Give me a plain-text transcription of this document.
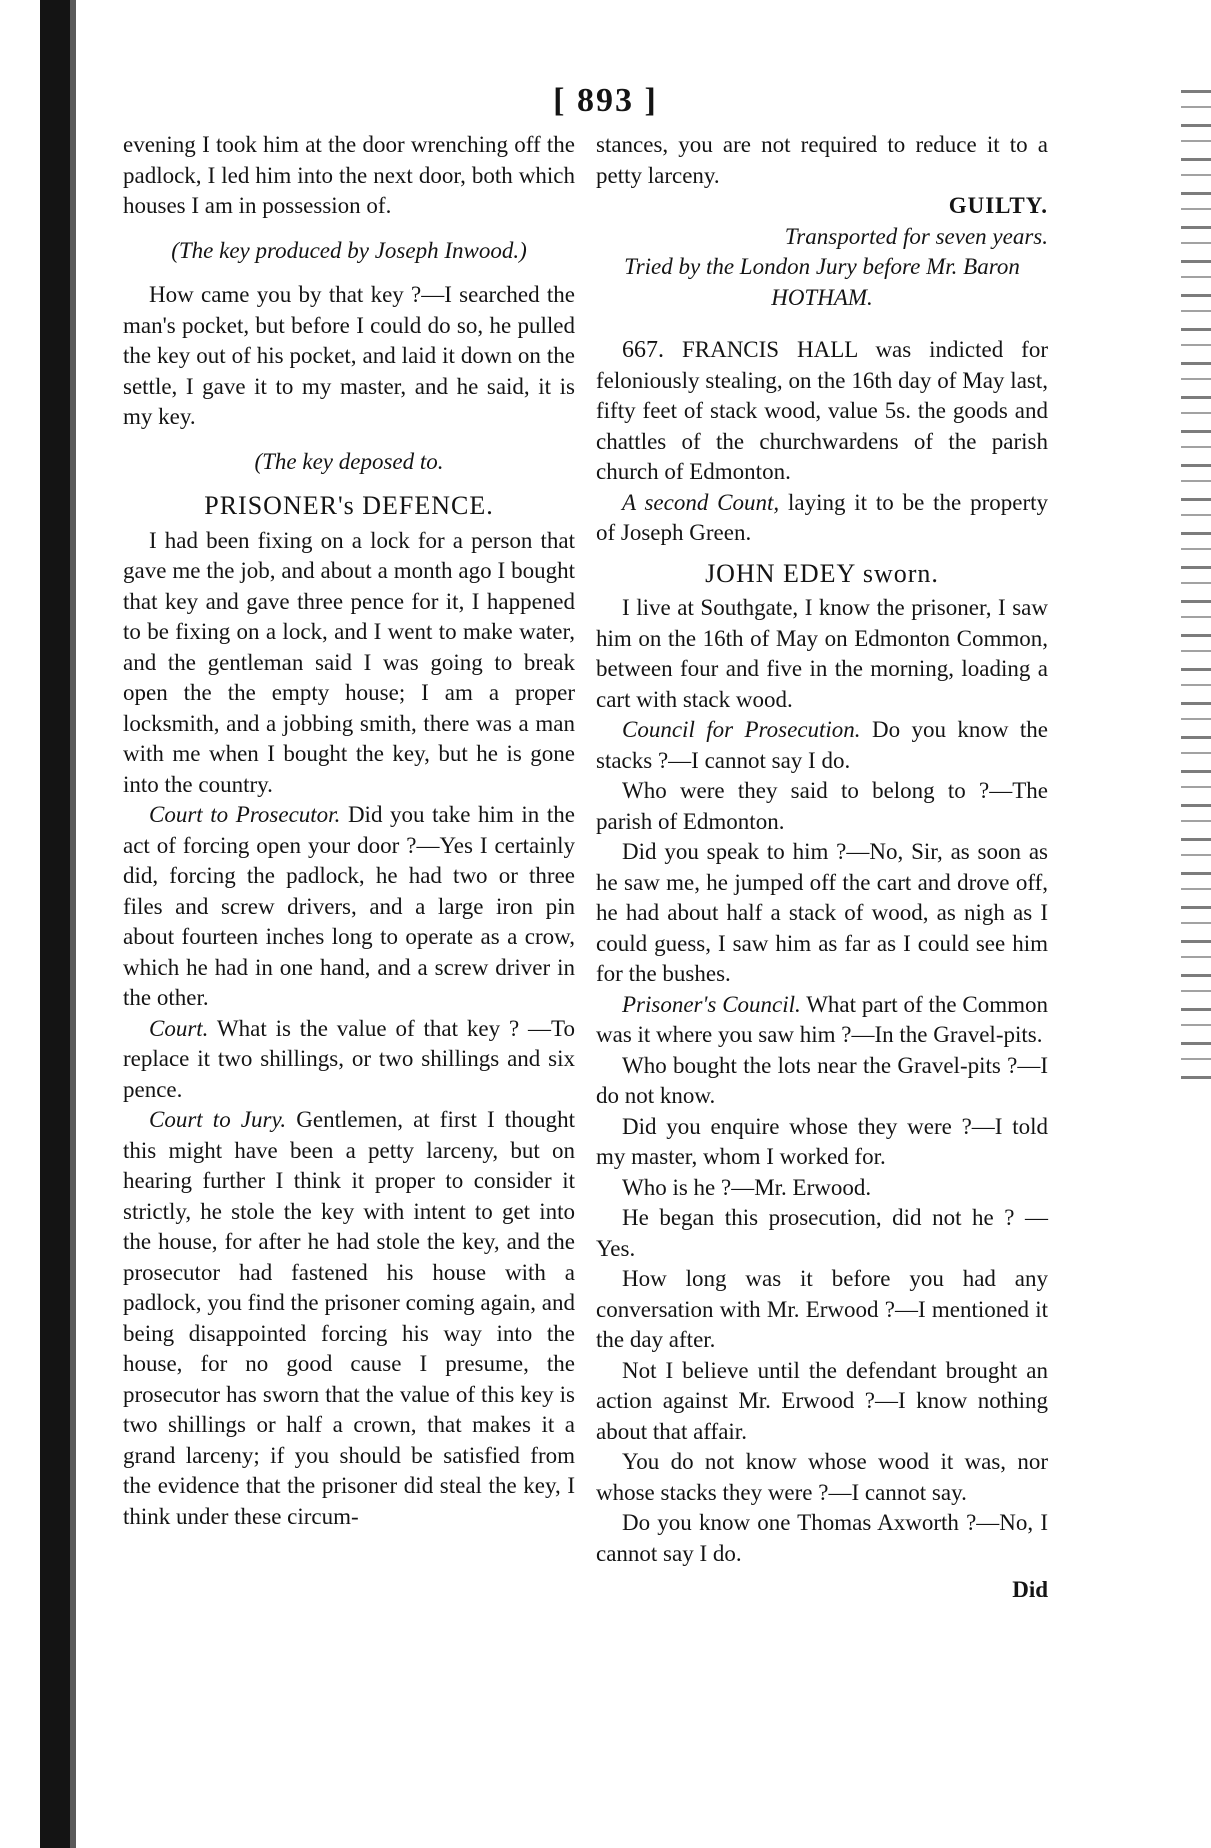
[ 893 ]

evening I took him at the door wrenching off the padlock, I led him into the next door, both which houses I am in possession of.

(The key produced by Joseph Inwood.)

How came you by that key ?—I searched the man's pocket, but before I could do so, he pulled the key out of his pocket, and laid it down on the settle, I gave it to my master, and he said, it is my key.

(The key deposed to.

PRISONER's DEFENCE.

I had been fixing on a lock for a person that gave me the job, and about a month ago I bought that key and gave three pence for it, I happened to be fixing on a lock, and I went to make water, and the gentleman said I was going to break open the the empty house; I am a proper locksmith, and a jobbing smith, there was a man with me when I bought the key, but he is gone into the country.

Court to Prosecutor. Did you take him in the act of forcing open your door ?—Yes I certainly did, forcing the padlock, he had two or three files and screw drivers, and a large iron pin about fourteen inches long to operate as a crow, which he had in one hand, and a screw driver in the other.

Court. What is the value of that key ? —To replace it two shillings, or two shillings and six pence.

Court to Jury. Gentlemen, at first I thought this might have been a petty larceny, but on hearing further I think it proper to consider it strictly, he stole the key with intent to get into the house, for after he had stole the key, and the prosecutor had fastened his house with a padlock, you find the prisoner coming again, and being disappointed forcing his way into the house, for no good cause I presume, the prosecutor has sworn that the value of this key is two shillings or half a crown, that makes it a grand larceny; if you should be satisfied from the evidence that the prisoner did steal the key, I think under these circum-

stances, you are not required to reduce it to a petty larceny.

GUILTY.

Transported for seven years.

Tried by the London Jury before Mr. Baron HOTHAM.

667. FRANCIS HALL was indicted for feloniously stealing, on the 16th day of May last, fifty feet of stack wood, value 5s. the goods and chattles of the churchwardens of the parish church of Edmonton.

A second Count, laying it to be the property of Joseph Green.

JOHN EDEY sworn.

I live at Southgate, I know the prisoner, I saw him on the 16th of May on Edmonton Common, between four and five in the morning, loading a cart with stack wood.

Council for Prosecution. Do you know the stacks ?—I cannot say I do.

Who were they said to belong to ?—The parish of Edmonton.

Did you speak to him ?—No, Sir, as soon as he saw me, he jumped off the cart and drove off, he had about half a stack of wood, as nigh as I could guess, I saw him as far as I could see him for the bushes.

Prisoner's Council. What part of the Common was it where you saw him ?—In the Gravel-pits.

Who bought the lots near the Gravel-pits ?—I do not know.

Did you enquire whose they were ?—I told my master, whom I worked for.

Who is he ?—Mr. Erwood.

He began this prosecution, did not he ? —Yes.

How long was it before you had any conversation with Mr. Erwood ?—I mentioned it the day after.

Not I believe until the defendant brought an action against Mr. Erwood ?—I know nothing about that affair.

You do not know whose wood it was, nor whose stacks they were ?—I cannot say.

Do you know one Thomas Axworth ?—No, I cannot say I do.

Did
